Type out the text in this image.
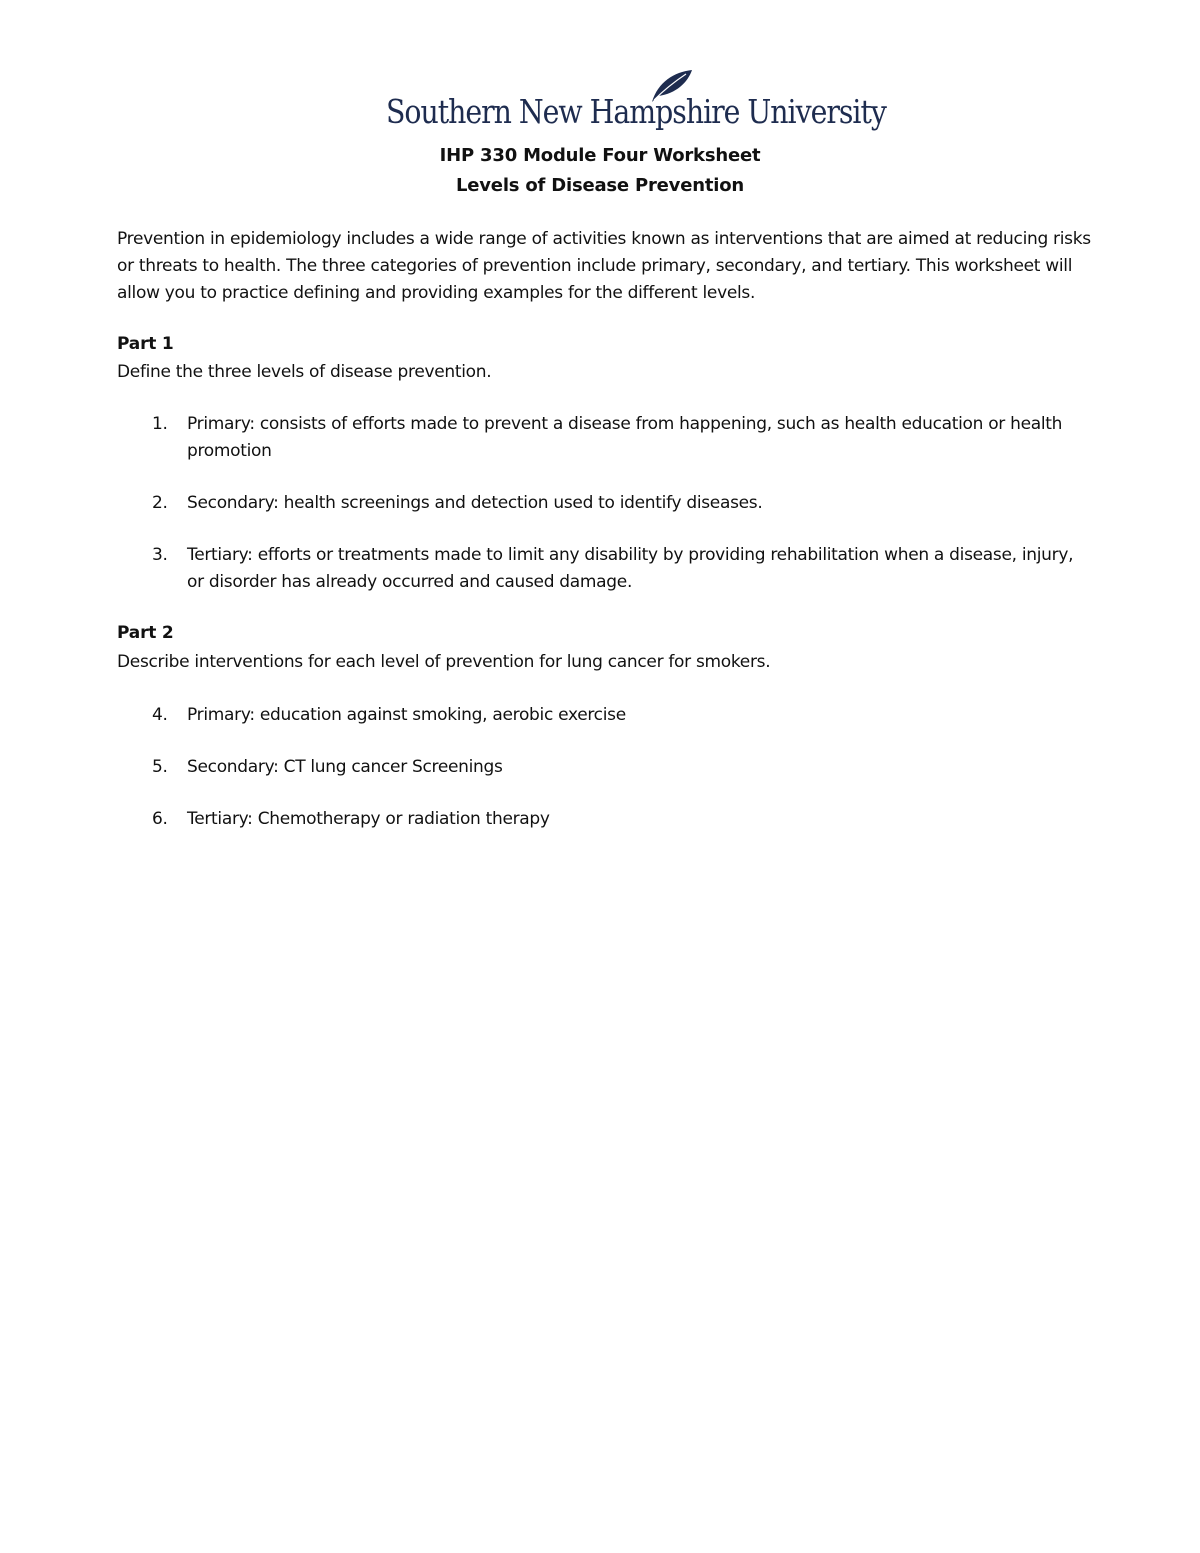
Southern New Hampshire University
IHP 330 Module Four Worksheet
Levels of Disease Prevention
Prevention in epidemiology includes a wide range of activities known as interventions that are aimed at reducing risks or threats to health. The three categories of prevention include primary, secondary, and tertiary. This worksheet will allow you to practice defining and providing examples for the different levels.
Part 1
Define the three levels of disease prevention.
1.	Primary: consists of efforts made to prevent a disease from happening, such as health education or health promotion
2.	Secondary: health screenings and detection used to identify diseases.
3.	Tertiary: efforts or treatments made to limit any disability by providing rehabilitation when a disease, injury, or disorder has already occurred and caused damage.
Part 2
Describe interventions for each level of prevention for lung cancer for smokers.
4.	Primary: education against smoking, aerobic exercise
5.	Secondary: CT lung cancer Screenings
6.	Tertiary: Chemotherapy or radiation therapy
